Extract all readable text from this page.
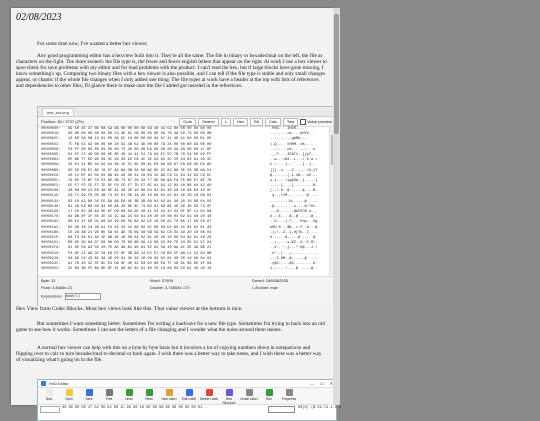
02/08/2023

For some time now, I've wanted a better hex viewer.

Any good programming editor has a hexview built into it. They're all the same. The file in binary or hexadecimal on the left, the file as characters on the right. The more esoteric the file type is, the fewer and fewer english letters that appear on the right. At work I use a hex viewer to spot-check for save problems with my editor and for load problems with the product. I can't read the hex, but if large blocks have gone missing, I know something's up. Comparing two binary files with a hex viewer is also possible, and I can tell if the file type is stable and only small changes appear, or chaotic if the whole file changes when I only added one thing. The file types at work have a header at the top with lists of references and dependencies to other files; I'll glance there to make sure the file I added got inserted in the references.

test_std.png
Position: 80 / 3737 (2%)	Goto	Search	1	Hex	Bit	Calc	Test	Value preview
00000000: 89 50 4E 47 0D 0A 1A 0A 00 00 00 0D 49 48 44 52 00 00 00 80 00 00	.PNG....IHDR....
00000016: 00 80 08 06 00 00 00 C3 3E 61 CB 00 00 00 09 70 48 59 73 00 00 0B	........>a....pHYs..
0000002C: 13 00 00 0B 13 01 00 9A 9C 18 00 00 00 04 67 41 4D 41 00 00 B1 8E	..........gAMA....
00000042: 7C FB 51 93 00 00 00 20 63 48 52 4D 00 00 7A 25 00 00 80 83 00 00	|.Q.... cHRM..z%....
00000058: F9 FF 00 00 80 E9 00 00 75 30 00 00 EA 60 00 00 3A 98 00 00 17 6F	........u0...`..:...o
0000006E: 92 5F C5 46 00 00 0E 8E 49 44 41 54 78 DA EC 5D 7B 70 54 D5 99 FF	._.F....IDATx..]{pT..
00000084: EE BD 77 EE 9D 99 3C 26 33 93 C9 4C 1E 93 84 3C 20 44 02 61 20 3C	..w...<&3..L...< D.a <
0000009A: 43 E4 21 B5 04 A2 A4 6A 15 D1 A5 60 A1 E8 AA 5B D7 EA 6A A5 EA AE	C.!....j...`...[..j..
000000B0: 5D 5D 5B EC AE 76 D7 A5 8A DB 5A D6 AE B5 2C 82 B6 3E 58 3B 6A 54	]][..v....Z...,..>X;jT
000000C6: 40 11 DF 82 04 02 89 84 28 09 31 C8 63 42 98 C9 CC 64 32 93 C9 DC	@.......(.1.cB...d2...
000000DC: 79 DE 73 BF FD E3 DE 3B 73 67 26 33 77 9E 09 6A FA FE B8 E7 9E 7B	y.s....;sg&3w..j.....{
000000F2: CE F7 FD CE F7 7D DF F9 CE F7 7D E7 0C A1 94 12 82 10 08 04 42 A0	.....}....}.........B.
00000108: 28 0A 08 21 E0 38 0E 81 40 20 10 08 04 02 81 40 20 10 08 04 42 0C	(..!.8..@ .....@ ...B.
0000011E: 20 71 99 F6 D5 2B 74 4D E1 D8 1A 20 10 08 04 02 81 40 20 10 08 04	q...+tM... .....@ ...
00000134: 92 10 A3 80 D2 FD 9A 88 E9 4E 3B 1B 08 04 02 81 40 20 10 08 04 02	.........N;.....@ ....
0000014A: 81 40 E8 B8 09 84 00 8A 20 8E 8C 73 B2 91 09 8E 4E DD 2B 56 74 0F	.@...... ..s....N.+Vt.
00000160: 17 2D 9C 38 A3 0E 87 D9 8A 82 2E 40 41 54 43 43 42 0F 6F 11 04 88	.-.8.......@ATCCB.o...
00000176: 64 9B 0F 1F 45 2E 15 1C 9A 24 02 81 40 20 10 08 04 02 81 40 20 10	d...E....$..@ .....@ .
0000018C: 00 E4 47 90 D1 D6 84 29 D0 5E 82 82 D5 10 50 64 70 B5 17 E8 58 67	..G....).^....Pdp...Xg
000001A2: 62 30 48 C8 30 A1 F9 84 24 42 80 02 3C 06 50 D2 85 41 04 02 81 40	b0H.0...$B..<.P..A...@
000001B8: CE 29 3B 21 95 B5 5A 01 AD 7B 09 48 5B 59 62 C8 D4 49 20 10 08 04	.);!..Z..{.H[Yb..I ...
000001CE: 68 F3 0A 81 A0 1E A8 4E 18 08 04 02 81 40 20 10 08 04 02 81 40 20	h......N.....@ .....@
000001E4: DB 0E 3D 9A D7 90 08 D9 76 88 4B 5A 13 0A 33 09 7E 43 95 52 5C 04	..=.....v.KZ..3.~C.R\.
000001FA: 91 05 58 A3 D3 20 7E A5 6A B4 90 91 5E 92 48 40 8A 8C 2E 4A 9B 21	..X.. ~.j...^.H@...J.!
00000210: FA 6F 22 A9 DC 28 E9 E2 0F 3B 9A 13 E5 D7 C8 B0 5F 88 C1 C3 84 8B	.o"..(...;......_.....
00000226: 3A 9D C0 49 B1 38 4D 03 81 40 20 10 08 04 02 81 40 20 10 08 04 02	:..I.8M..@ .....@ ....
0000023C: A1 79 40 32 0F 9C E4 DA 9F 40 32 93 95 80 E8 7F 18 91 98 9E 4F 0A	.y@2.....@2.........O.
00000252: 31 B3 3B F5 A0 BD 9F 21 A0 82 02 81 40 20 10 08 04 02 81 40 20 10	1.;....!....@ .....@ .
Byte: 11	Word: 27909	Dword: 1665362933
Float: 3.8484e-21	Double: 3.74853e-170	L-Endian: max
Expression: byte( 0 )
Hex View from Code::Blocks. Most hex views look like this. That value viewer at the bottom is nice.

But sometimes I want something better. Sometimes I'm writing a load/save for a new file type. Sometimes I'm trying to hack into an old game to see how it works. Sometimes I can see the letters of a file changing and I wonder what the noise around them means.

A normal hex viewer can help with this on a byte by byte basis but it involves a lot of copying numbers down in notepad.exe and flipping over to calc to turn hexadecimal to decimal or back again. I wish there was a better way to take notes, and I wish there was a better way of visualizing what's going on in the file.

HxD-Editor	— ☐ ✕
New	Open	Save	Print	Undo	Redo	New Label	Edit Label	Delete Label	New Structure
Install Label	Run	Properties
00 00 00 00 47 54 00 04 00 1C 00 00 18 00 00 0A 00 00 00 05 00 01 ..	00(0) (B.S2.T4.1.S.0
